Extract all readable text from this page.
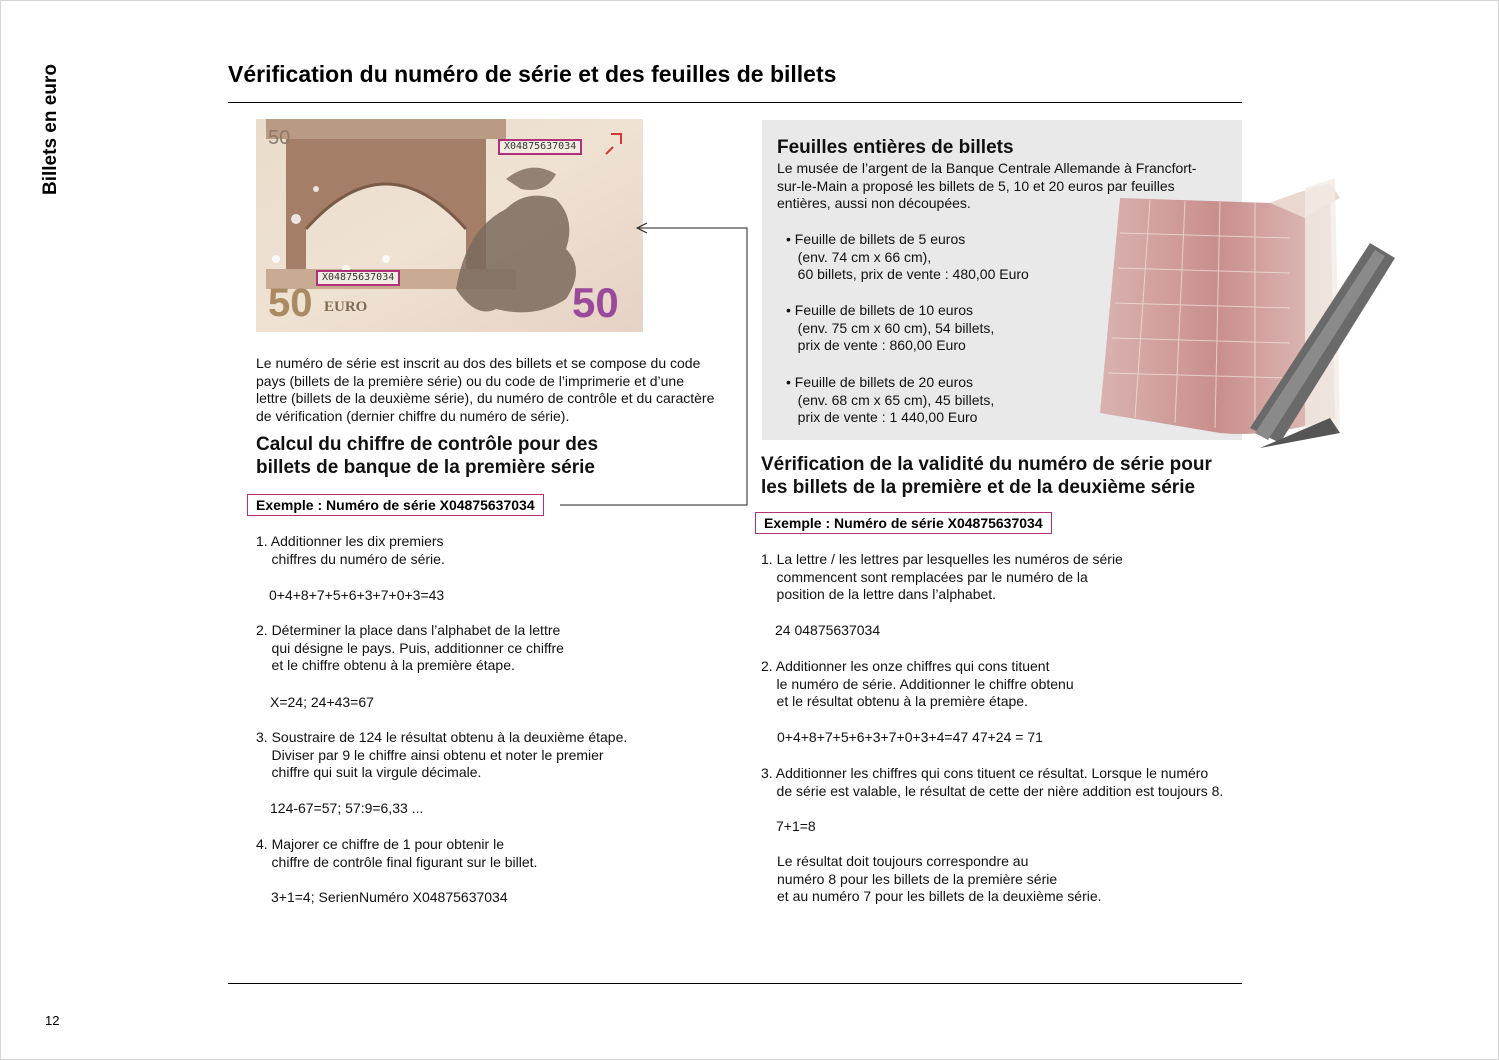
Billets en euro
12
Vérification du numéro de série et des feuilles de billets
50
50 EURO	50
X04875637034
X04875637034
Le numéro de série est inscrit au dos des billets et se compose du code
pays (billets de la première série) ou du code de l’imprimerie et d’une
lettre (billets de la deuxième série), du numéro de contrôle et du caractère
de vérification (dernier chiffre du numéro de série).
Calcul du chiffre de contrôle pour des
billets de banque de la première série
Exemple : Numéro de série X04875637034
1. Additionner les dix premiers
chiffres du numéro de série.
0+4+8+7+5+6+3+7+0+3=43
2. Déterminer la place dans l’alphabet de la lettre
qui désigne le pays. Puis, additionner ce chiffre
et le chiffre obtenu à la première étape.
X=24; 24+43=67
3. Soustraire de 124 le résultat obtenu à la deuxième étape.
Diviser par 9 le chiffre ainsi obtenu et noter le premier
chiffre qui suit la virgule décimale.
124-67=57; 57:9=6,33 ...
4. Majorer ce chiffre de 1 pour obtenir le
chiffre de contrôle final figurant sur le billet.
3+1=4; SerienNuméro X04875637034
Feuilles entières de billets
Le musée de l’argent de la Banque Centrale Allemande à Francfort-
sur-le-Main a proposé les billets de 5, 10 et 20 euros par feuilles
entières, aussi non découpées.
• Feuille de billets de 5 euros
(env. 74 cm x 66 cm),
60 billets, prix de vente : 480,00 Euro
• Feuille de billets de 10 euros
(env. 75 cm x 60 cm), 54 billets,
prix de vente : 860,00 Euro
• Feuille de billets de 20 euros
(env. 68 cm x 65 cm), 45 billets,
prix de vente : 1 440,00 Euro
Vérification de la validité du numéro de série pour
les billets de la première et de la deuxième série
Exemple : Numéro de série X04875637034
1. La lettre / les lettres par lesquelles les numéros de série
commencent sont remplacées par le numéro de la
position de la lettre dans l’alphabet.
24 04875637034
2. Additionner les onze chiffres qui cons tituent
le numéro de série. Additionner le chiffre obtenu
et le résultat obtenu à la première étape.
0+4+8+7+5+6+3+7+0+3+4=47 47+24 = 71
3. Additionner les chiffres qui cons tituent ce résultat. Lorsque le numéro
de série est valable, le résultat de cette der nière addition est toujours 8.
7+1=8
Le résultat doit toujours correspondre au
numéro 8 pour les billets de la première série
et au numéro 7 pour les billets de la deuxième série.
